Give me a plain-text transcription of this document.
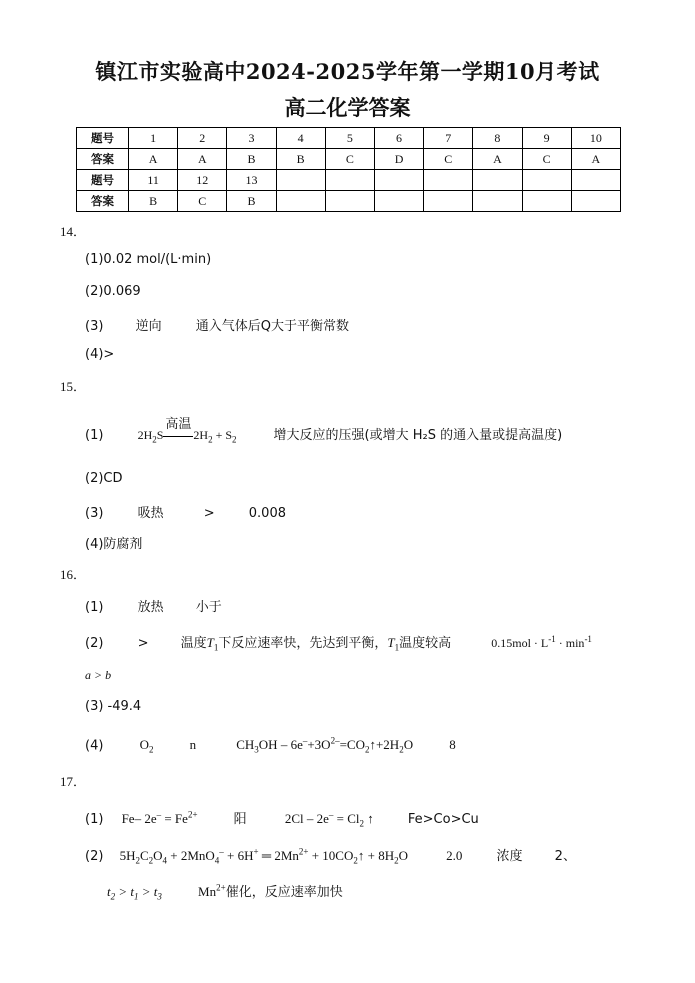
镇江市实验高中2024-2025学年第一学期10月考试
高二化学答案
题号	1	2	3	4	5	6	7	8	9	10
答案	A	A	B	B	C	D	C	A	C	A
题号	11	12	13							
答案	B	C	B							
14．
(1)0.02 mol/(L·min)
(2)0.069
(3) 逆向	通入气体后Q大于平衡常数
(4)>
15．
(1)	$2H_2S$
高温
$2H_2 + S_2$	增大反应的压强(或增大 H₂S 的通入量或提高温度)
(2)CD
(3)	吸热	>	0.008
(4)防腐剂
16．
(1)	放热 小于
(2)	> 温度$T_1$下反应速率快，先达到平衡，$T_1$温度较高	$0.15mol \cdot L^{-1} \cdot \min^{-1}$
a > b
(3) -49.4
(4)	$O_2$	n	$CH_3OH$ – $6e^-+3O^{2-}=CO_2↑+2H_2O$	8
17．
(1) Fe– $2e^- = Fe^{2+}$	阳	$2Cl - 2e^- = Cl_2$ ↑	Fe>Co>Cu
(2) $5H_2C_2O_4 + 2MnO_4^- + 6H^+$ ═ $2Mn^{2+}$ + $10CO_2↑ + 8H_2O$	2.0	浓度 2、
$t_2 > t_1 > t_3$	$Mn^{2+}$催化，反应速率加快
